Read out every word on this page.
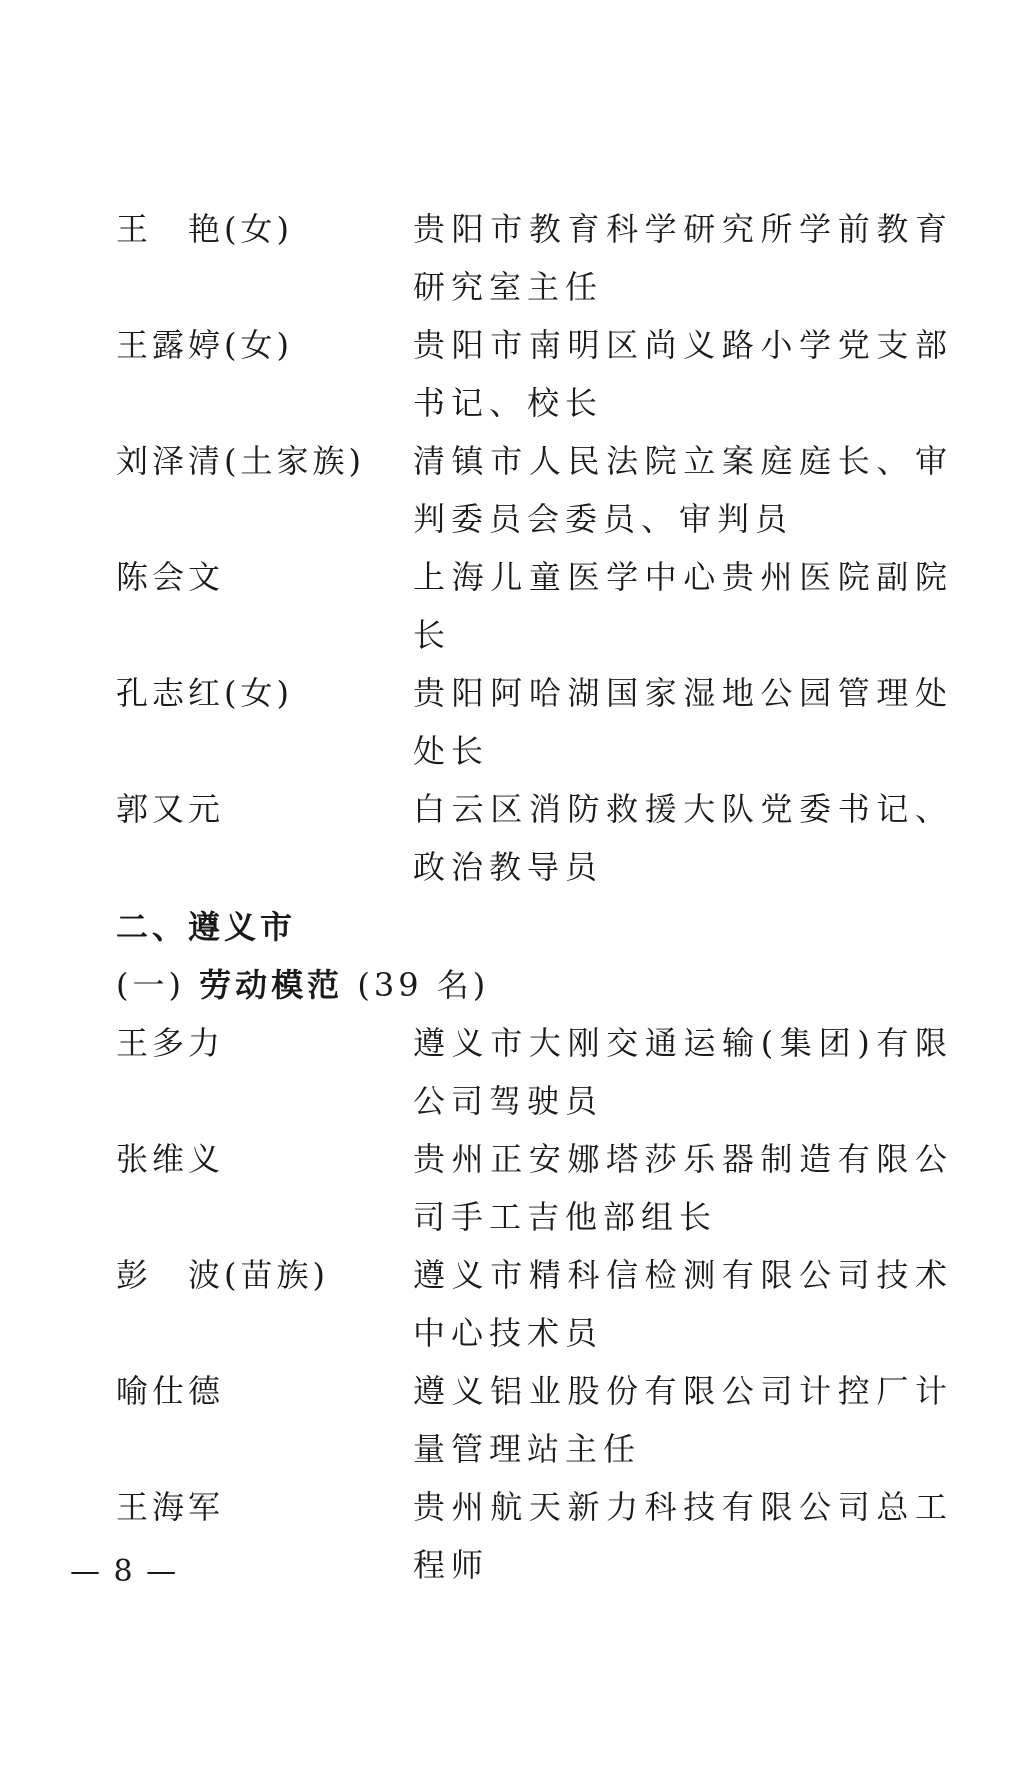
王　艳(女)	贵阳市教育科学研究所学前教育研究室主任
王露婷(女)	贵阳市南明区尚义路小学党支部书记、校长
刘泽清(土家族)	清镇市人民法院立案庭庭长、审判委员会委员、审判员
陈会文	上海儿童医学中心贵州医院副院长
孔志红(女)	贵阳阿哈湖国家湿地公园管理处处长
郭又元	白云区消防救援大队党委书记、政治教导员
二、遵义市
(一) 劳动模范 (39 名)
王多力	遵义市大刚交通运输(集团)有限公司驾驶员
张维义	贵州正安娜塔莎乐器制造有限公司手工吉他部组长
彭　波(苗族)	遵义市精科信检测有限公司技术中心技术员
喻仕德	遵义铝业股份有限公司计控厂计量管理站主任
王海军	贵州航天新力科技有限公司总工程师
— 8 —
